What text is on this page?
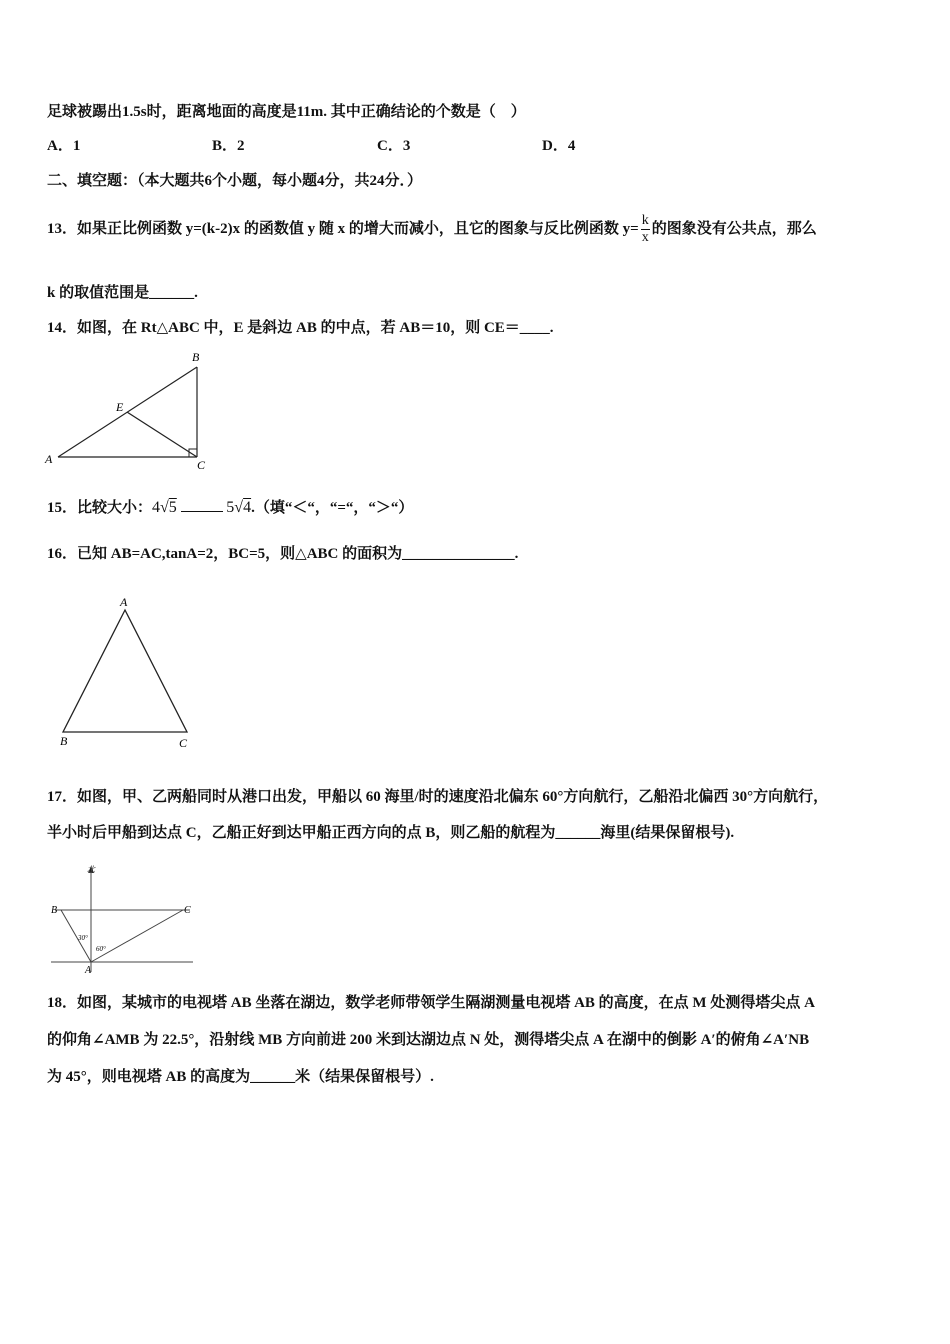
足球被踢出1.5s时，距离地面的高度是11m. 其中正确结论的个数是（　）
A．1	B．2	C．3	D．4
二、填空题：（本大题共6个小题，每小题4分，共24分．）
13．如果正比例函数 y=(k-2)x 的函数值 y 随 x 的增大而减小，且它的图象与反比例函数 $y= \frac{k}{x}$ 的图象没有公共点，那么
k 的取值范围是______.
14．如图，在 Rt△ABC 中，E 是斜边 AB 的中点，若 AB＝10，则 CE＝____.
A
B
C
E
15．比较大小：4√5	5√4.（填“＜“，“=“，“＞“）
16．已知 AB=AC,tanA=2，BC=5，则△ABC 的面积为_______________.
A
B	C
17．如图，甲、乙两船同时从港口出发，甲船以 60 海里/时的速度沿北偏东 60°方向航行，乙船沿北偏西 30°方向航行，
半小时后甲船到达点 C，乙船正好到达甲船正西方向的点 B，则乙船的航程为______海里(结果保留根号).
北
B	C
A
30°
60°
18．如图，某城市的电视塔 AB 坐落在湖边，数学老师带领学生隔湖测量电视塔 AB 的高度，在点 M 处测得塔尖点 A
的仰角∠AMB 为 22.5°，沿射线 MB 方向前进 200 米到达湖边点 N 处，测得塔尖点 A 在湖中的倒影 A′的俯角∠A′NB
为 45°，则电视塔 AB 的高度为______米（结果保留根号）.
